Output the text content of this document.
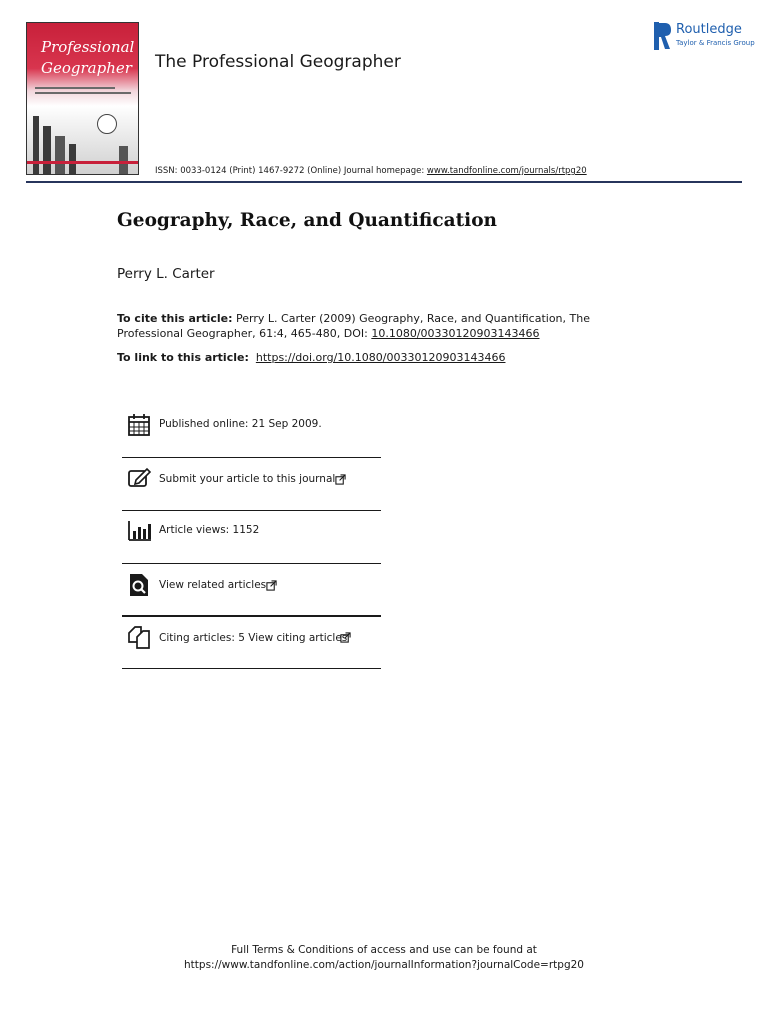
Professional
Geographer The Professional Geographer
Routledge
Taylor & Francis Group
ISSN: 0033-0124 (Print) 1467-9272 (Online) Journal homepage: www.tandfonline.com/journals/rtpg20
Geography, Race, and Quantification
Perry L. Carter
To cite this article: Perry L. Carter (2009) Geography, Race, and Quantification, The Professional Geographer, 61:4, 465-480, DOI: 10.1080/00330120903143466
To link to this article: https://doi.org/10.1080/00330120903143466
Published online: 21 Sep 2009.
Submit your article to this journal
Article views: 1152
View related articles
Citing articles: 5 View citing articles
Full Terms & Conditions of access and use can be found at
https://www.tandfonline.com/action/journalInformation?journalCode=rtpg20
